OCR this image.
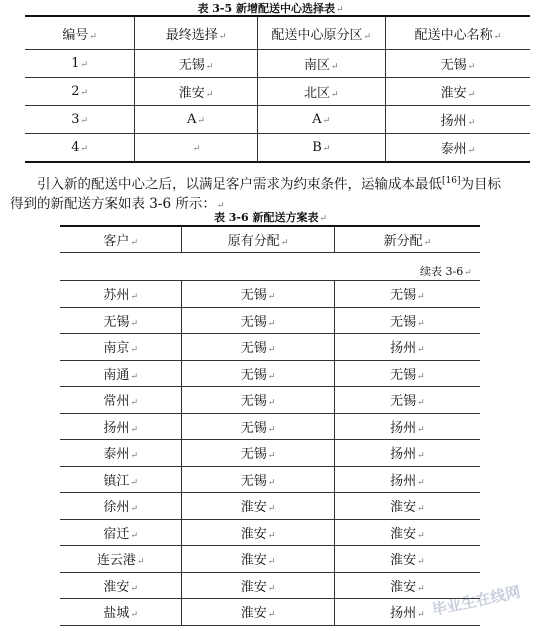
表 3-5 新增配送中心选择表↵
编号↵	最终选择↵	配送中心原分区↵	配送中心名称↵
1↵	无锡↵	南区↵	无锡↵
2↵	淮安↵	北区↵	淮安↵
3↵	A↵	A↵	扬州↵
4↵	↵	B↵	泰州↵
引入新的配送中心之后，以满足客户需求为约束条件，运输成本最低[16]为目标
得到的新配送方案如表 3-6 所示：↵
表 3-6 新配送方案表↵
客户↵	原有分配↵	新分配↵
续表 3-6↵
苏州↵	无锡↵	无锡↵
无锡↵	无锡↵	无锡↵
南京↵	无锡↵	扬州↵
南通↵	无锡↵	无锡↵
常州↵	无锡↵	无锡↵
扬州↵	无锡↵	扬州↵
泰州↵	无锡↵	扬州↵
镇江↵	无锡↵	扬州↵
徐州↵	淮安↵	淮安↵
宿迁↵	淮安↵	淮安↵
连云港↵	淮安↵	淮安↵
淮安↵	淮安↵	淮安↵
盐城↵	淮安↵	扬州↵ 毕业生在线网
